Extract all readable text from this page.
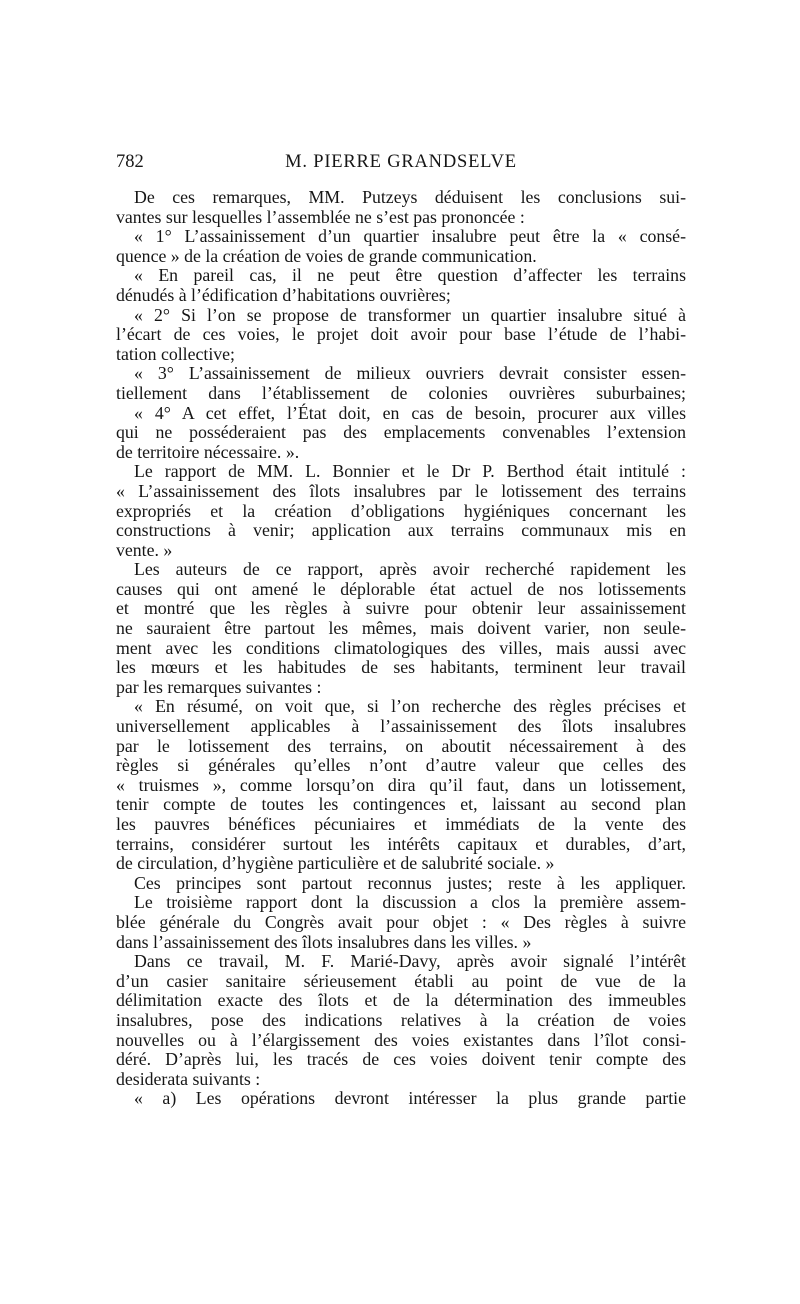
782	M. PIERRE GRANDSELVE
De ces remarques, MM. Putzeys déduisent les conclusions sui-
vantes sur lesquelles l’assemblée ne s’est pas prononcée :
« 1° L’assainissement d’un quartier insalubre peut être la « consé-
quence » de la création de voies de grande communication.
« En pareil cas, il ne peut être question d’affecter les terrains
dénudés à l’édification d’habitations ouvrières;
« 2° Si l’on se propose de transformer un quartier insalubre situé à
l’écart de ces voies, le projet doit avoir pour base l’étude de l’habi-
tation collective;
« 3° L’assainissement de milieux ouvriers devrait consister essen-
tiellement dans l’établissement de colonies ouvrières suburbaines;
« 4° A cet effet, l’État doit, en cas de besoin, procurer aux villes
qui ne posséderaient pas des emplacements convenables l’extension
de territoire nécessaire. ».
Le rapport de MM. L. Bonnier et le Dr P. Berthod était intitulé :
« L’assainissement des îlots insalubres par le lotissement des terrains
expropriés et la création d’obligations hygiéniques concernant les
constructions à venir; application aux terrains communaux mis en
vente. »
Les auteurs de ce rapport, après avoir recherché rapidement les
causes qui ont amené le déplorable état actuel de nos lotissements
et montré que les règles à suivre pour obtenir leur assainissement
ne sauraient être partout les mêmes, mais doivent varier, non seule-
ment avec les conditions climatologiques des villes, mais aussi avec
les mœurs et les habitudes de ses habitants, terminent leur travail
par les remarques suivantes :
« En résumé, on voit que, si l’on recherche des règles précises et
universellement applicables à l’assainissement des îlots insalubres
par le lotissement des terrains, on aboutit nécessairement à des
règles si générales qu’elles n’ont d’autre valeur que celles des
« truismes », comme lorsqu’on dira qu’il faut, dans un lotissement,
tenir compte de toutes les contingences et, laissant au second plan
les pauvres bénéfices pécuniaires et immédiats de la vente des
terrains, considérer surtout les intérêts capitaux et durables, d’art,
de circulation, d’hygiène particulière et de salubrité sociale. »
Ces principes sont partout reconnus justes; reste à les appliquer.
Le troisième rapport dont la discussion a clos la première assem-
blée générale du Congrès avait pour objet : « Des règles à suivre
dans l’assainissement des îlots insalubres dans les villes. »
Dans ce travail, M. F. Marié-Davy, après avoir signalé l’intérêt
d’un casier sanitaire sérieusement établi au point de vue de la
délimitation exacte des îlots et de la détermination des immeubles
insalubres, pose des indications relatives à la création de voies
nouvelles ou à l’élargissement des voies existantes dans l’îlot consi-
déré. D’après lui, les tracés de ces voies doivent tenir compte des
desiderata suivants :
« a) Les opérations devront intéresser la plus grande partie
